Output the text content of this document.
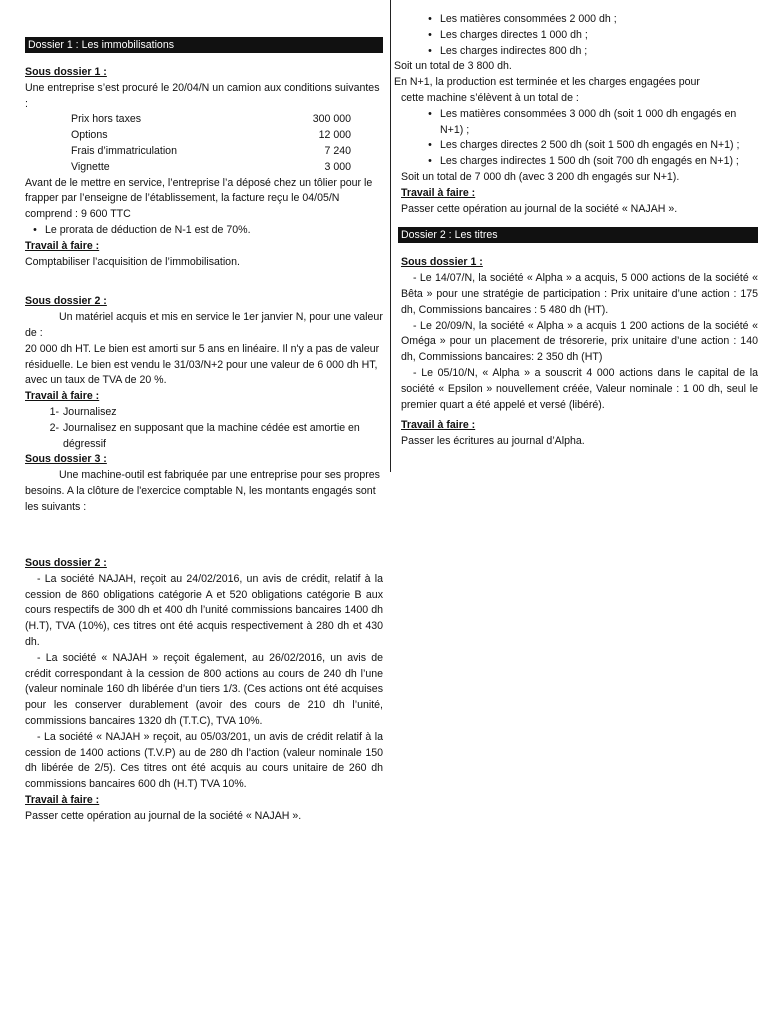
Dossier 1 : Les immobilisations
Sous dossier 1 :

Une entreprise s’est procuré le 20/04/N un camion aux conditions suivantes :

Prix hors taxes	300 000
Options	12 000
Frais d’immatriculation	7 240
Vignette	3 000

Avant de le mettre en service, l’entreprise l’a déposé chez un tôlier pour le frapper par l’enseigne de l’établissement, la facture reçu le 04/05/N comprend : 9 600 TTC

• Le prorata de déduction de N-1 est de 70%.
Travail à faire :

Comptabiliser l’acquisition de l’immobilisation.

Sous dossier 2 :

Un matériel acquis et mis en service le 1er janvier N, pour une valeur de :

20 000 dh HT. Le bien est amorti sur 5 ans en linéaire. Il n'y a pas de valeur résiduelle. Le bien est vendu le 31/03/N+2 pour une valeur de 6 000 dh HT, avec un taux de TVA de 20 %.

Travail à faire :
1- Journalisez
2- Journalisez en supposant que la machine cédée est amortie en dégressif
Sous dossier 3 :

Une machine-outil est fabriquée par une entreprise pour ses propres besoins. A la clôture de l'exercice comptable N, les montants engagés sont les suivants :

• Les matières consommées 2 000 dh ;
• Les charges directes 1 000 dh ;
• Les charges indirectes 800 dh ;

Soit un total de 3 800 dh.

En N+1, la production est terminée et les charges engagées pour

cette machine s’élèvent à un total de :

• Les matières consommées 3 000 dh (soit 1 000 dh engagés en N+1) ;
• Les charges directes 2 500 dh (soit 1 500 dh engagés en N+1) ;
• Les charges indirectes 1 500 dh (soit 700 dh engagés en N+1) ;

Soit un total de 7 000 dh (avec 3 200 dh engagés sur N+1).

Travail à faire :

Passer cette opération au journal de la société « NAJAH ».

Dossier 2 : Les titres
Sous dossier 1 :

- Le 14/07/N, la société « Alpha » a acquis, 5 000 actions de la société « Bêta » pour une stratégie de participation : Prix unitaire d’une action : 175 dh, Commissions bancaires : 5 480 dh (HT).

- Le 20/09/N, la société « Alpha » a acquis 1 200 actions de la société « Oméga » pour un placement de trésorerie, prix unitaire d’une action : 140 dh, Commissions bancaires: 2 350 dh (HT)

- Le 05/10/N, « Alpha » a souscrit 4 000 actions dans le capital de la société « Epsilon » nouvellement créée, Valeur nominale : 1 00 dh, seul le premier quart a été appelé et versé (libéré).

Travail à faire :

Passer les écritures au journal d’Alpha.

Sous dossier 2 :

- La société NAJAH, reçoit au 24/02/2016, un avis de crédit, relatif à la cession de 860 obligations catégorie A et 520 obligations catégorie B aux cours respectifs de 300 dh et 400 dh l’unité commissions bancaires 1400 dh (H.T), TVA (10%), ces titres ont été acquis respectivement à 280 dh et 430 dh.

- La société « NAJAH » reçoit également, au 26/02/2016, un avis de crédit correspondant à la cession de 800 actions au cours de 240 dh l’une (valeur nominale 160 dh libérée d’un tiers 1/3. (Ces actions ont été acquises pour les conserver durablement (avoir des cours de 210 dh l’unité, commissions bancaires 1320 dh (T.T.C), TVA 10%.

- La société « NAJAH » reçoit, au 05/03/201, un avis de crédit relatif à la cession de 1400 actions (T.V.P) au de 280 dh l’action (valeur nominale 150 dh libérée de 2/5). Ces titres ont été acquis au cours unitaire de 260 dh commissions bancaires 600 dh (H.T) TVA 10%.

Travail à faire :

Passer cette opération au journal de la société « NAJAH ».
